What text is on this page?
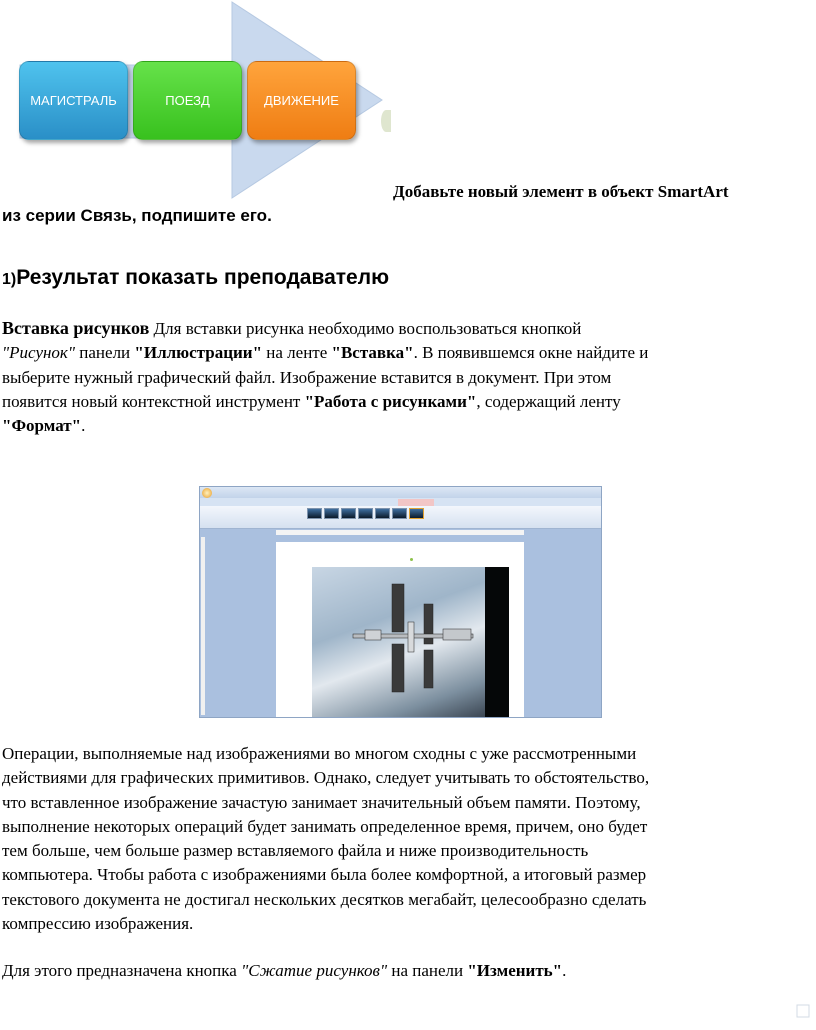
МАГИСТРАЛЬ	ПОЕЗД	ДВИЖЕНИЕ
Добавьте новый элемент в объект SmartArt
из серии Связь, подпишите его.
1)Результат показать преподавателю
Вставка рисунков Для вставки рисунка необходимо воспользоваться кнопкой
"Рисунок" панели "Иллюстрации" на ленте "Вставка". В появившемся окне найдите и
выберите нужный графический файл. Изображение вставится в документ. При этом
появится новый контекстной инструмент "Работа с рисунками", содержащий ленту
"Формат".
Операции, выполняемые над изображениями во многом сходны с уже рассмотренными
действиями для графических примитивов. Однако, следует учитывать то обстоятельство,
что вставленное изображение зачастую занимает значительный объем памяти. Поэтому,
выполнение некоторых операций будет занимать определенное время, причем, оно будет
тем больше, чем больше размер вставляемого файла и ниже производительность
компьютера. Чтобы работа с изображениями была более комфортной, а итоговый размер
текстового документа не достигал нескольких десятков мегабайт, целесообразно сделать
компрессию изображения.
Для этого предназначена кнопка "Сжатие рисунков" на панели "Изменить".
